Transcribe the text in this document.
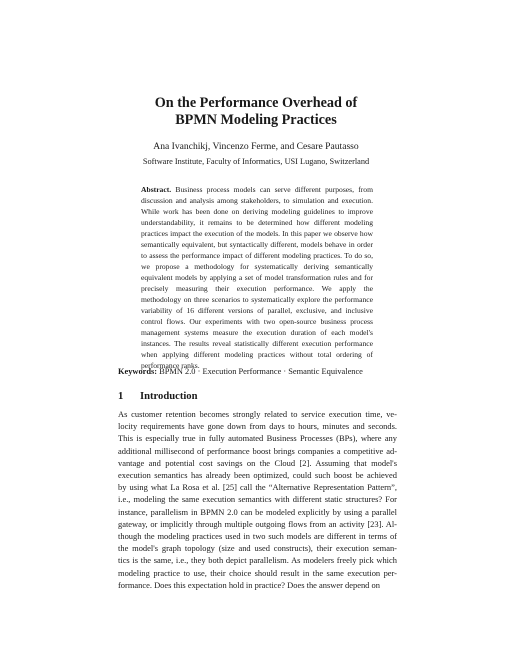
On the Performance Overhead of
BPMN Modeling Practices
Ana Ivanchikj, Vincenzo Ferme, and Cesare Pautasso
Software Institute, Faculty of Informatics, USI Lugano, Switzerland
Abstract. Business process models can serve different purposes, from discussion and analysis among stakeholders, to simulation and execution. While work has been done on deriving modeling guidelines to improve understandability, it remains to be determined how different modeling practices impact the execution of the models. In this paper we observe how semantically equivalent, but syntactically different, models behave in order to assess the performance impact of different modeling practices. To do so, we propose a methodology for systematically deriving semantically equivalent models by applying a set of model transformation rules and for precisely measuring their execution performance. We apply the methodology on three scenarios to systematically explore the performance variability of 16 different versions of parallel, exclusive, and inclusive control flows. Our experiments with two open-source business process management systems measure the execution duration of each model's instances. The results reveal statistically different execution performance when applying different modeling practices without total ordering of performance ranks.
Keywords: BPMN 2.0 · Execution Performance · Semantic Equivalence
1 Introduction
As customer retention becomes strongly related to service execution time, ve-
locity requirements have gone down from days to hours, minutes and seconds.
This is especially true in fully automated Business Processes (BPs), where any
additional millisecond of performance boost brings companies a competitive ad-
vantage and potential cost savings on the Cloud [2]. Assuming that model's
execution semantics has already been optimized, could such boost be achieved
by using what La Rosa et al. [25] call the “Alternative Representation Pattern”,
i.e., modeling the same execution semantics with different static structures? For
instance, parallelism in BPMN 2.0 can be modeled explicitly by using a parallel
gateway, or implicitly through multiple outgoing flows from an activity [23]. Al-
though the modeling practices used in two such models are different in terms of
the model's graph topology (size and used constructs), their execution seman-
tics is the same, i.e., they both depict parallelism. As modelers freely pick which
modeling practice to use, their choice should result in the same execution per-
formance. Does this expectation hold in practice? Does the answer depend on
